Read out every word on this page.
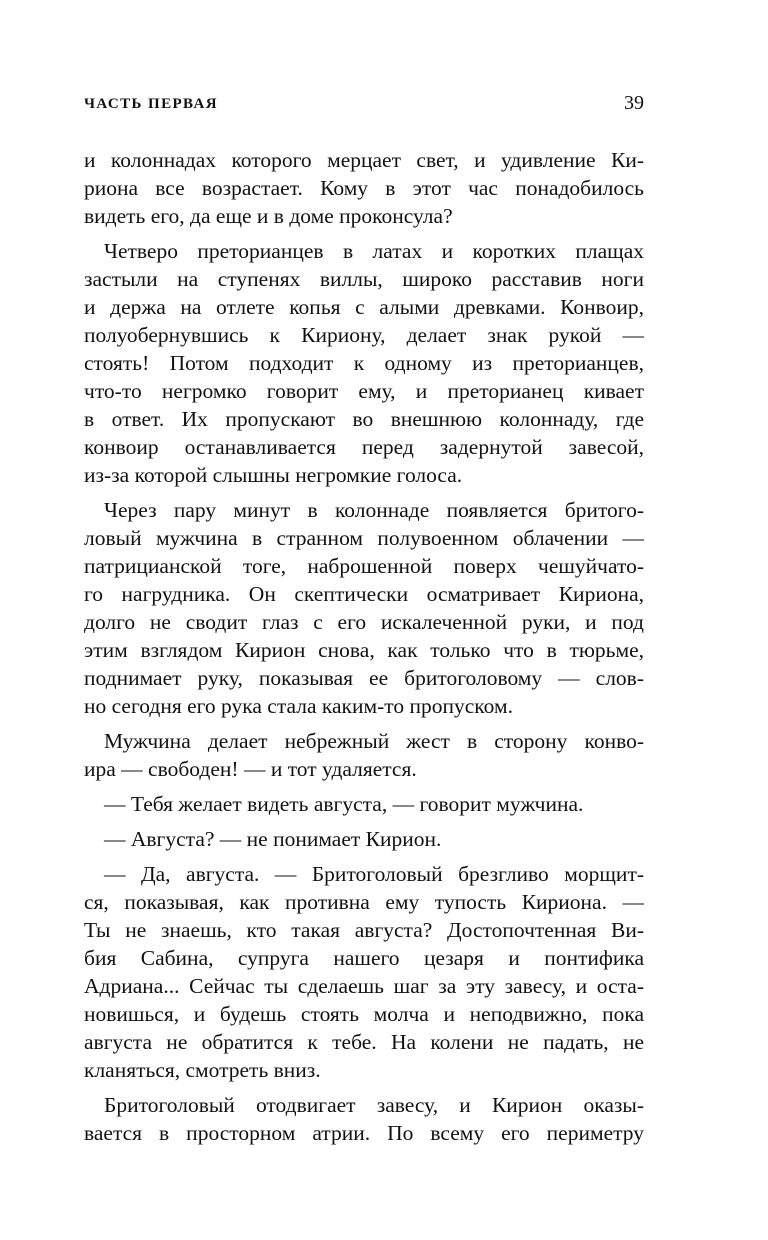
ЧАСТЬ ПЕРВАЯ	39
и колоннадах которого мерцает свет, и удивление Ки-
риона все возрастает. Кому в этот час понадобилось
видеть его, да еще и в доме проконсула?
Четверо преторианцев в латах и коротких плащах
застыли на ступенях виллы, широко расставив ноги
и держа на отлете копья с алыми древками. Конвоир,
полуобернувшись к Кириону, делает знак рукой —
стоять! Потом подходит к одному из преторианцев,
что-то негромко говорит ему, и преторианец кивает
в ответ. Их пропускают во внешнюю колоннаду, где
конвоир останавливается перед задернутой завесой,
из-за которой слышны негромкие голоса.
Через пару минут в колоннаде появляется бритого-
ловый мужчина в странном полувоенном облачении —
патрицианской тоге, наброшенной поверх чешуйчато-
го нагрудника. Он скептически осматривает Кириона,
долго не сводит глаз с его искалеченной руки, и под
этим взглядом Кирион снова, как только что в тюрьме,
поднимает руку, показывая ее бритоголовому — слов-
но сегодня его рука стала каким-то пропуском.
Мужчина делает небрежный жест в сторону конво-
ира — свободен! — и тот удаляется.
— Тебя желает видеть августа, — говорит мужчина.
— Августа? — не понимает Кирион.
— Да, августа. — Бритоголовый брезгливо морщит-
ся, показывая, как противна ему тупость Кириона. —
Ты не знаешь, кто такая августа? Достопочтенная Ви-
бия Сабина, супруга нашего цезаря и понтифика
Адриана... Сейчас ты сделаешь шаг за эту завесу, и оста-
новишься, и будешь стоять молча и неподвижно, пока
августа не обратится к тебе. На колени не падать, не
кланяться, смотреть вниз.
Бритоголовый отодвигает завесу, и Кирион оказы-
вается в просторном атрии. По всему его периметру
